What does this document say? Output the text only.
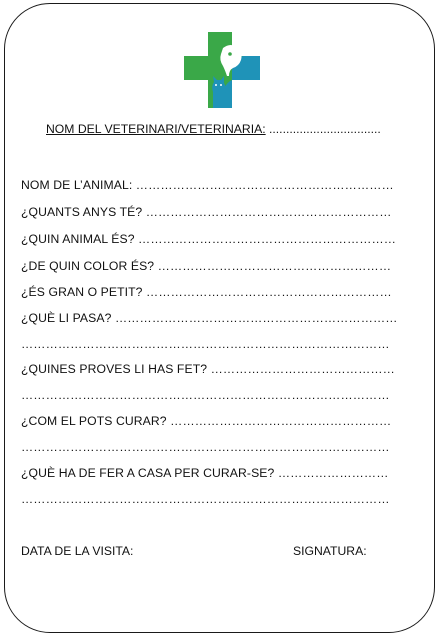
NOM DEL VETERINARI/VETERINARIA: .................................
NOM DE L’ANIMAL: ………………………………………………………
¿QUANTS ANYS TÉ? ……………………………………………………
¿QUIN ANIMAL ÉS? ………………………………………………………
¿DE QUIN COLOR ÉS? …………………………………………………
¿ÉS GRAN O PETIT? ……………………………………………………
¿QUÈ LI PASA? ……………………………………………………………
………………………………………………………………………………
¿QUINES PROVES LI HAS FET? ………………………………………
………………………………………………………………………………
¿COM EL POTS CURAR? ………………………………………………
………………………………………………………………………………
¿QUÈ HA DE FER A CASA PER CURAR-SE? ………………………
………………………………………………………………………………
DATA DE LA VISITA:	SIGNATURA:
